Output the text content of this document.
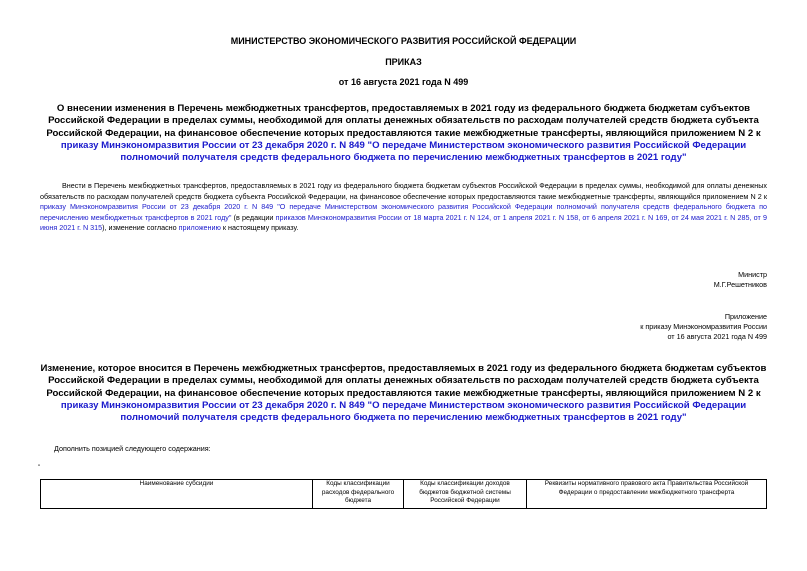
МИНИСТЕРСТВО ЭКОНОМИЧЕСКОГО РАЗВИТИЯ РОССИЙСКОЙ ФЕДЕРАЦИИ
ПРИКАЗ
от 16 августа 2021 года N 499
О внесении изменения в Перечень межбюджетных трансфертов, предоставляемых в 2021 году из федерального бюджета бюджетам субъектов Российской Федерации в пределах суммы, необходимой для оплаты денежных обязательств по расходам получателей средств бюджета субъекта Российской Федерации, на финансовое обеспечение которых предоставляются такие межбюджетные трансферты, являющийся приложением N 2 к приказу Минэкономразвития России от 23 декабря 2020 г. N 849 "О передаче Министерством экономического развития Российской Федерации полномочий получателя средств федерального бюджета по перечислению межбюджетных трансфертов в 2021 году"
Внести в Перечень межбюджетных трансфертов, предоставляемых в 2021 году из федерального бюджета бюджетам субъектов Российской Федерации в пределах суммы, необходимой для оплаты денежных обязательств по расходам получателей средств бюджета субъекта Российской Федерации, на финансовое обеспечение которых предоставляются такие межбюджетные трансферты, являющийся приложением N 2 к приказу Минэкономразвития России от 23 декабря 2020 г. N 849 "О передаче Министерством экономического развития Российской Федерации полномочий получателя средств федерального бюджета по перечислению межбюджетных трансфертов в 2021 году" (в редакции приказов Минэкономразвития России от 18 марта 2021 г. N 124, от 1 апреля 2021 г. N 158, от 6 апреля 2021 г. N 169, от 24 мая 2021 г. N 285, от 9 июня 2021 г. N 315), изменение согласно приложению к настоящему приказу.
Министр
М.Г.Решетников
Приложение
к приказу Минэкономразвития России
от 16 августа 2021 года N 499
Изменение, которое вносится в Перечень межбюджетных трансфертов, предоставляемых в 2021 году из федерального бюджета бюджетам субъектов Российской Федерации в пределах суммы, необходимой для оплаты денежных обязательств по расходам получателей средств бюджета субъекта Российской Федерации, на финансовое обеспечение которых предоставляются такие межбюджетные трансферты, являющийся приложением N 2 к приказу Минэкономразвития России от 23 декабря 2020 г. N 849 "О передаче Министерством экономического развития Российской Федерации полномочий получателя средств федерального бюджета по перечислению межбюджетных трансфертов в 2021 году"
Дополнить позицией следующего содержания:
"
Наименование субсидии	Коды классификации расходов федерального бюджета	Коды классификации доходов бюджетов бюджетной системы Российской Федерации	Реквизиты нормативного правового акта Правительства Российской Федерации о предоставлении межбюджетного трансферта
